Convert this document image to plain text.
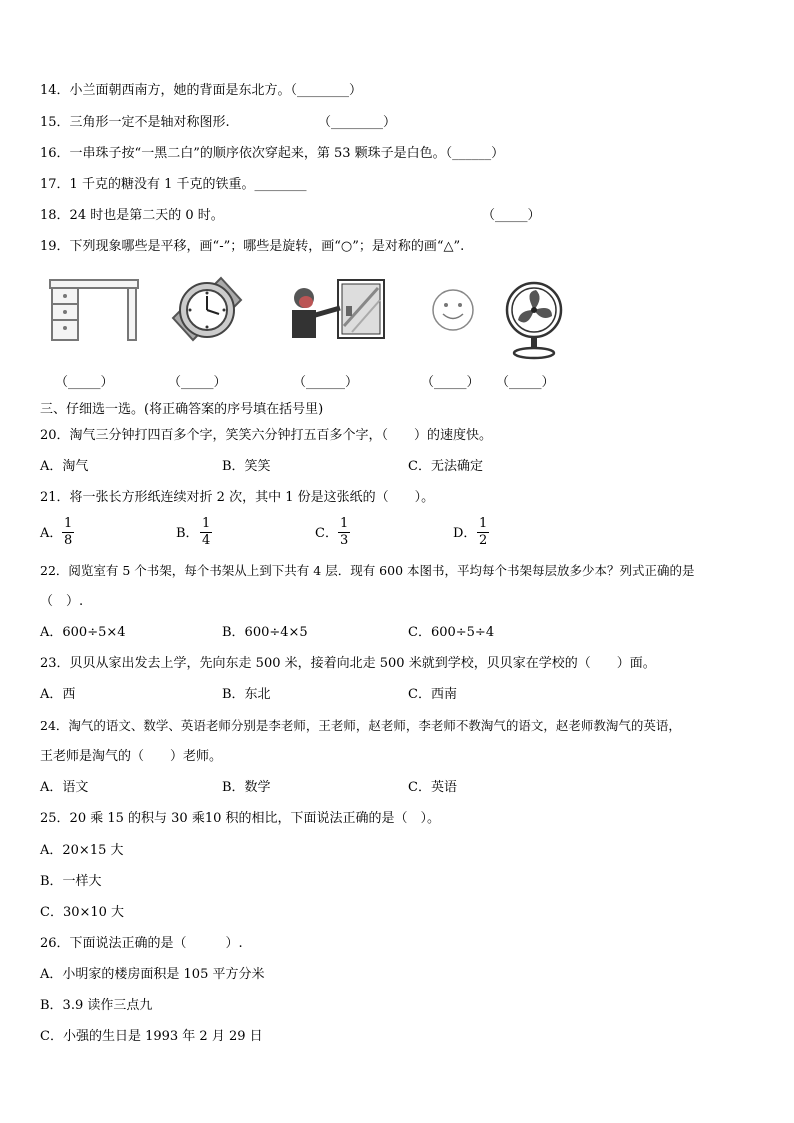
14．小兰面朝西南方，她的背面是东北方。（________）
15．三角形一定不是轴对称图形.	（________）
16．一串珠子按“一黑二白”的顺序依次穿起来，第 53 颗珠子是白色。（______）
17．1 千克的糖没有 1 千克的铁重。________
18．24 时也是第二天的 0 时。	（_____）
19．下列现象哪些是平移，画“-”；哪些是旋转，画“○”；是对称的画“△”.
（_____）	（_____）	（______）	（_____） （_____）
三、仔细选一选。(将正确答案的序号填在括号里)
20．淘气三分钟打四百多个字，笑笑六分钟打五百多个字，（　　）的速度快。
A．淘气	B．笑笑	C．无法确定
21．将一张长方形纸连续对折 2 次，其中 1 份是这张纸的（　　）。
A．
1
8	B．
1
4	C．
1
3	D．
1
2
22．阅览室有 5 个书架，每个书架从上到下共有 4 层．现有 600 本图书，平均每个书架每层放多少本？列式正确的是
（　）.
A．600÷5×4	B．600÷4×5	C．600÷5÷4
23．贝贝从家出发去上学，先向东走 500 米，接着向北走 500 米就到学校，贝贝家在学校的（　　）面。
A．西	B．东北	C．西南
24．淘气的语文、数学、英语老师分别是李老师，王老师，赵老师，李老师不教淘气的语文，赵老师教淘气的英语，
王老师是淘气的（　　）老师。
A．语文	B．数学	C．英语
25．20 乘 15 的积与 30 乘10 积的相比，下面说法正确的是（　）。
A．20×15 大
B．一样大
C．30×10 大
26．下面说法正确的是（　　　）.
A．小明家的楼房面积是 105 平方分米
B．3.9 读作三点九
C．小强的生日是 1993 年 2 月 29 日
